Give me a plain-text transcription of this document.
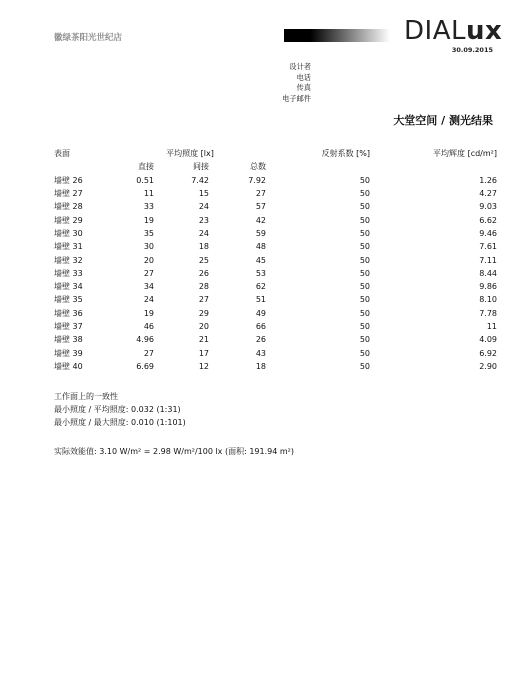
徽绿茶阳光世纪店	DIALux
30.09.2015
设计者
电话
传真
电子邮件
大堂空间 / 测光结果
表面	平均照度 [lx]			反射系数 [%]	平均辉度 [cd/m²]
	直接	间接	总数		
墙壁 26	0.51	7.42	7.92	50	1.26
墙壁 27	11	15	27	50	4.27
墙壁 28	33	24	57	50	9.03
墙壁 29	19	23	42	50	6.62
墙壁 30	35	24	59	50	9.46
墙壁 31	30	18	48	50	7.61
墙壁 32	20	25	45	50	7.11
墙壁 33	27	26	53	50	8.44
墙壁 34	34	28	62	50	9.86
墙壁 35	24	27	51	50	8.10
墙壁 36	19	29	49	50	7.78
墙壁 37	46	20	66	50	11
墙壁 38	4.96	21	26	50	4.09
墙壁 39	27	17	43	50	6.92
墙壁 40	6.69	12	18	50	2.90
工作面上的一致性
最小照度 / 平均照度: 0.032 (1:31)
最小照度 / 最大照度: 0.010 (1:101)
实际效能值: 3.10 W/m² = 2.98 W/m²/100 lx (面积: 191.94 m²)
